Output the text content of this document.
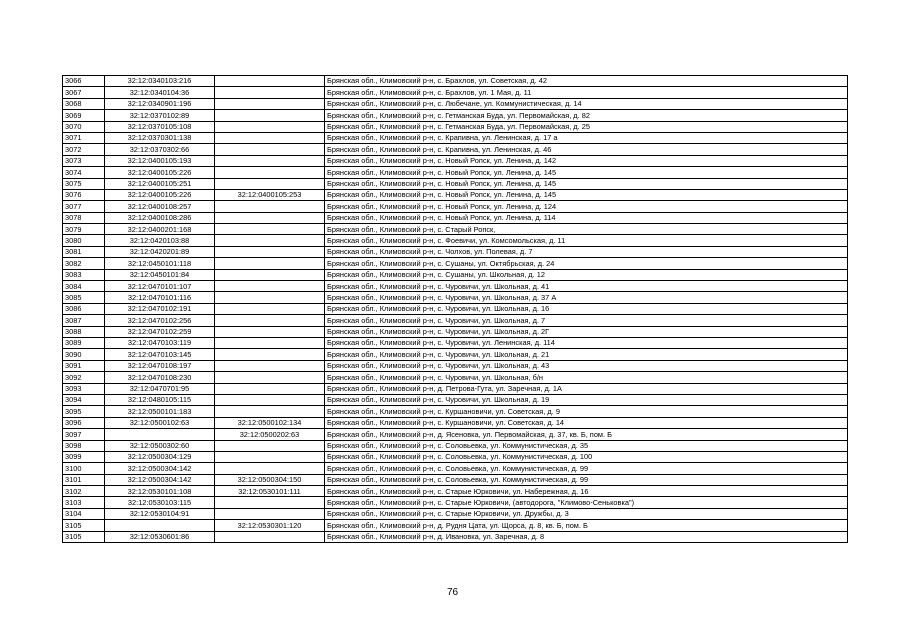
3066	32:12:0340103:216		Брянская обл., Климовский р-н, с. Брахлов, ул. Советская, д. 42
3067	32:12:0340104:36		Брянская обл., Климовский р-н, с. Брахлов, ул. 1 Мая, д. 11
3068	32:12:0340901:196		Брянская обл., Климовский р-н, с. Любечане, ул. Коммунистическая, д. 14
3069	32:12:0370102:89		Брянская обл., Климовский р-н, с. Гетманская Буда, ул. Первомайская, д. 82
3070	32:12:0370105:108		Брянская обл., Климовский р-н, с. Гетманская Буда, ул. Первомайская, д. 25
3071	32:12:0370301:138		Брянская обл., Климовский р-н, с. Крапивна, ул. Ленинская, д. 17 а
3072	32:12:0370302:66		Брянская обл., Климовский р-н, с. Крапивна, ул. Ленинская, д. 46
3073	32:12:0400105:193		Брянская обл., Климовский р-н, с. Новый Ропск, ул. Ленина, д. 142
3074	32:12:0400105:226		Брянская обл., Климовский р-н, с. Новый Ропск, ул. Ленина, д. 145
3075	32:12:0400105:251		Брянская обл., Климовский р-н, с. Новый Ропск, ул. Ленина, д. 145
3076	32:12:0400105:226	32:12:0400105:253	Брянская обл., Климовский р-н, с. Новый Ропск, ул. Ленина, д. 145
3077	32:12:0400108:257		Брянская обл., Климовский р-н, с. Новый Ропск, ул. Ленина, д. 124
3078	32:12:0400108:286		Брянская обл., Климовский р-н, с. Новый Ропск, ул. Ленина, д. 114
3079	32:12:0400201:168		Брянская обл., Климовский р-н, с. Старый Ропск,
3080	32:12:0420103:88		Брянская обл., Климовский р-н, с. Фоевичи, ул. Комсомольская, д. 11
3081	32:12:0420201:89		Брянская обл., Климовский р-н, с. Чолхов, ул. Полевая, д. 7
3082	32:12:0450101:118		Брянская обл., Климовский р-н, с. Сушаны, ул. Октябрьская, д. 24
3083	32:12:0450101:84		Брянская обл., Климовский р-н, с. Сушаны, ул. Школьная, д. 12
3084	32:12:0470101:107		Брянская обл., Климовский р-н, с. Чуровичи, ул. Школьная, д. 41
3085	32:12:0470101:116		Брянская обл., Климовский р-н, с. Чуровичи, ул. Школьная, д. 37 А
3086	32:12:0470102:191		Брянская обл., Климовский р-н, с. Чуровичи, ул. Школьная, д. 16
3087	32:12:0470102:256		Брянская обл., Климовский р-н, с. Чуровичи, ул. Школьная, д. 7
3088	32:12:0470102:259		Брянская обл., Климовский р-н, с. Чуровичи, ул. Школьная, д. 2Г
3089	32:12:0470103:119		Брянская обл., Климовский р-н, с. Чуровичи, ул. Ленинская, д. 114
3090	32:12:0470103:145		Брянская обл., Климовский р-н, с. Чуровичи, ул. Школьная, д. 21
3091	32:12:0470108:197		Брянская обл., Климовский р-н, с. Чуровичи, ул. Школьная, д. 43
3092	32:12:0470108:230		Брянская обл., Климовский р-н, с. Чуровичи, ул. Школьная, б/н
3093	32:12:0470701:95		Брянская обл., Климовский р-н, д. Петрова-Гута, ул. Заречная, д. 1А
3094	32:12:0480105:115		Брянская обл., Климовский р-н, с. Чуровичи, ул. Школьная, д. 19
3095	32:12:0500101:183		Брянская обл., Климовский р-н, с. Куршановичи, ул. Советская, д. 9
3096	32:12:0500102:63	32:12:0500102:134	Брянская обл., Климовский р-н, с. Куршановичи, ул. Советская, д. 14
3097		32:12:0500202:63	Брянская обл., Климовский р-н, д. Ясеновка, ул. Первомайская, д. 37, кв. Б, пом. Б
3098	32:12:0500302:60		Брянская обл., Климовский р-н, с. Соловьевка, ул. Коммунистическая, д. 35
3099	32:12:0500304:129		Брянская обл., Климовский р-н, с. Соловьевка, ул. Коммунистическая, д. 100
3100	32:12:0500304:142		Брянская обл., Климовский р-н, с. Соловьевка, ул. Коммунистическая, д. 99
3101	32:12:0500304:142	32:12:0500304:150	Брянская обл., Климовский р-н, с. Соловьевка, ул. Коммунистическая, д. 99
3102	32:12:0530101:108	32:12:0530101:111	Брянская обл., Климовский р-н, с. Старые Юрковичи, ул. Набережная, д. 16
3103	32:12:0530103:115		Брянская обл., Климовский р-н, с. Старые Юрковичи, (автодорога, "Климово-Сеньковка")
3104	32:12:0530104:91		Брянская обл., Климовский р-н, с. Старые Юрковичи, ул. Дружбы, д. 3
3105		32:12:0530301:120	Брянская обл., Климовский р-н, д. Рудня Цата, ул. Щорса, д. 8, кв. Б, пом. Б
3105	32:12:0530601:86		Брянская обл., Климовский р-н, д. Ивановка, ул. Заречная, д. 8
76
